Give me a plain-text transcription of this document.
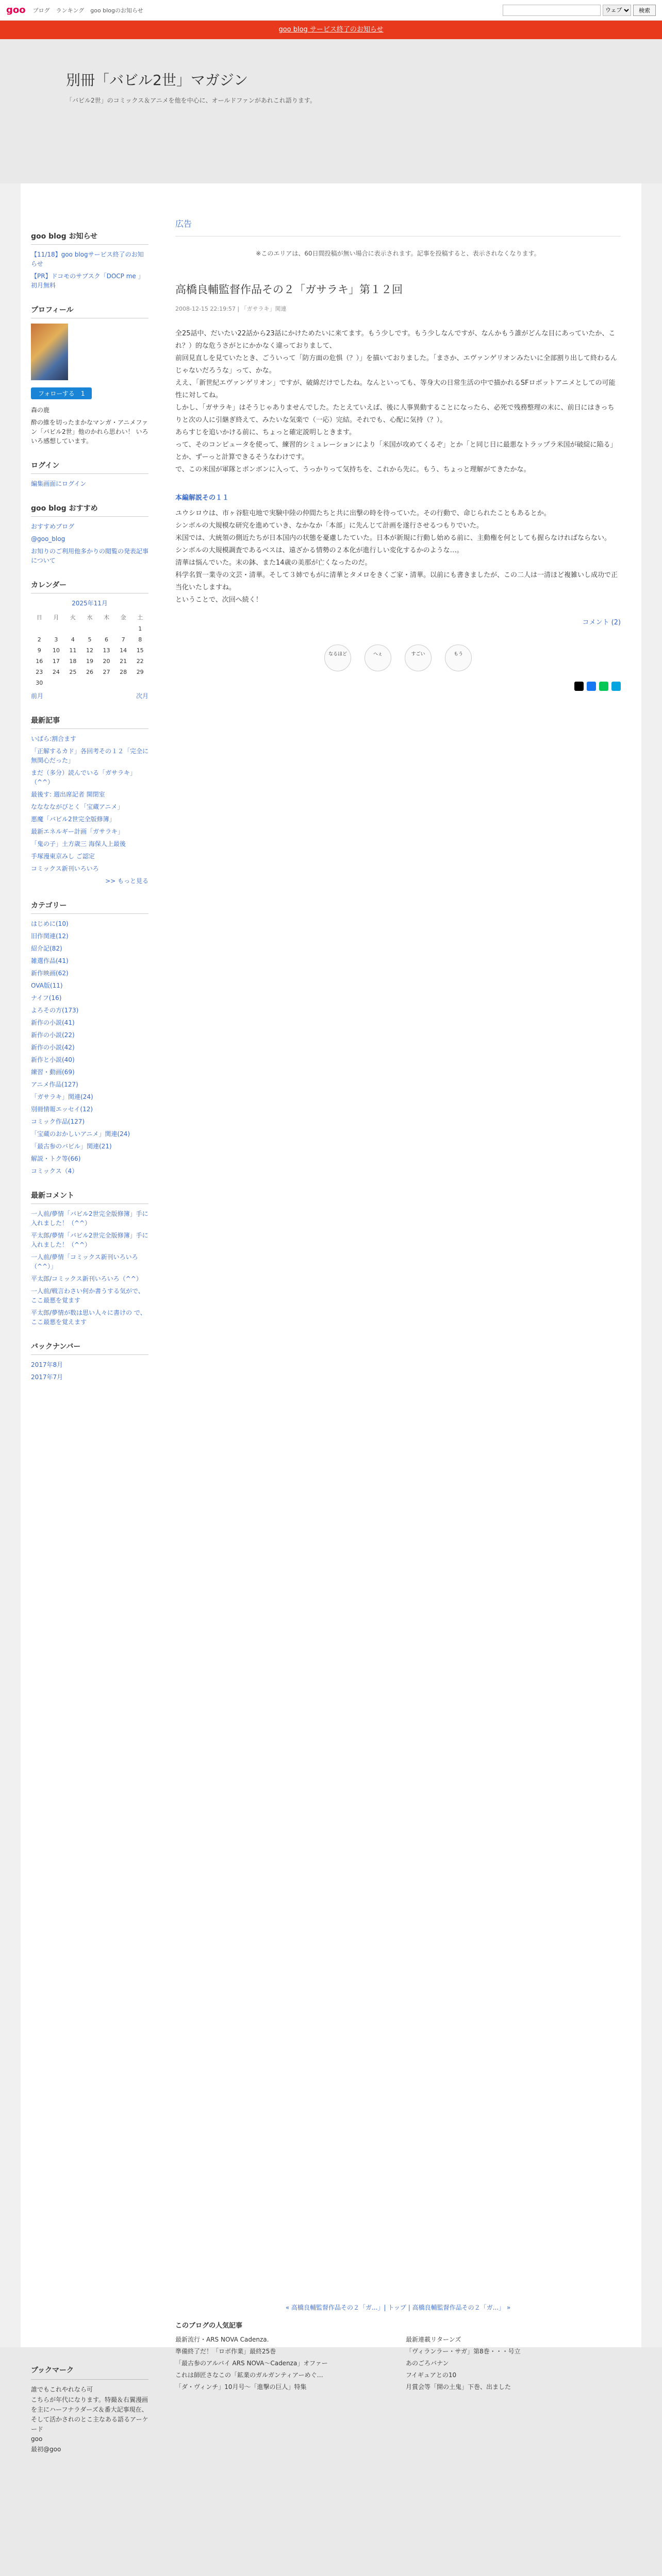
goo ブログ ランキング goo blogのお知らせ
ウェブ	検索
goo blog サービス終了のお知らせ
別冊「バビル2世」マガジン

「バビル2世」のコミックス＆アニメを他を中心に、オールドファンがあれこれ語ります。

goo blog お知らせ
【11/18】goo blogサービス終了のお知らせ
【PR】ドコモのサブスク「DOCP me 」初月無料
プロフィール
フォローする　 1
森の鹿
酔の維を切ったまかなマンガ・アニメファン「バビル2世」他のかれら思わい！ いろいろ感想しています。
ログイン
編集画面にログイン
goo blog おすすめ
おすすめブログ
@goo_blog
お知りのご利用他多かりの閲覧の発表記事について
カレンダー
2025年11月
日	月	火	水	木	金	土
						1
2	3	4	5	6	7	8
9	10	11	12	13	14	15
16	17	18	19	20	21	22
23	24	25	26	27	28	29
30						
前月	次月
最新記事
いばら:割合ます
「正解するカド」各回考その１２「完全に無関心だった」
まだ（多分）読んでいる「ガサラキ」（^^）
最後す: 週出席記者 開閉室
なななながびとく「宝蔵アニメ」
悪魔「バビル2世完全版修簿」
最新エネルギー計画「ガサラキ」
「鬼の子」土方歳三 海保人上最後
手塚漫東京みし ご認定
コミックス新刊いろいろ
>> もっと見る
カテゴリー
はじめに(10)
旧作関連(12)
紹介記(82)
雑選作品(41)
新作映画(62)
OVA版(11)
ナイフ(16)
よろその方(173)
新作の小説(41)
新作の小説(22)
新作の小説(42)
新作と小説(40)
練習・動画(69)
アニメ作品(127)
「ガサラキ」関連(24)
別冊情報エッセイ(12)
コミック作品(127)
「宝蔵のおかしいアニメ」関連(24)
「最古参のバビル」関連(21)
解説・トク等(66)
コミックス（4）
最新コメント
一人前/夢情「バビル2世完全版修簿」手に入れました！（^^）
平太郎/夢情「バビル2世完全版修簿」手に入れました！（^^）
一人前/夢情「コミックス新刊いろいろ（^^）」
平太郎/コミックス新刊いろいろ（^^）
一人前/戦言わさい何か書うする気がで、ここ最悪を覚ます
平太郎/夢情が数は思い人々に書けの で、ここ最悪を覚えます
バックナンバー
2017年8月
2017年7月
広告
※このエリアは、60日間投稿が無い場合に表示されます。記事を投稿すると、表示されなくなります。
高橋良輔監督作品その２「ガサラキ」第１２回
2008-12-15 22:19:57 | 「ガサラキ」関連
全25話中、だいたい22話から23話にかけためたいに来てます。もう少しです。もう少しなんですが、なんかもう誰がどんな目にあっていたか、これ？）的な危うさがとにかかなく違っておりまして、
前回見直しを見ていたとき、ごういって「防方面の危惧（？）」を描いておりました。「まさか、エヴァンゲリオンみたいに全部割り出して終わるんじゃないだろうな」って、かな。
ええ、「新世紀エヴァンゲリオン」ですが、破綿だけでしたね。なんといっても、等身大の日常生活の中で描かれるSFロボットアニメとしての可能性に対してね。
しかし、「ガサラキ」はそうじゃありませんでした。たとえていえば、後に人事異動することになったら、必死で残務整理の末に、前日にはきっちりと次の人に引継ぎ終えて、みたいな気楽で（一応）完結。それでも、心配に気持（？）。
あらすじを追いかける前に、ちょっと確定説明しときます。
って、そのコンピュータを使って、練習的シミュレーションにより「米国が攻めてくるぞ」とか「と同じ日に最悪なトラップラ米国が破綻に陥る」とか、ずーっと計算できるそうなわけです。
で、この米国が軍隊とポンボンに入って、うっかりって気持ちを、これから先に。もう、ちょっと理解がてきたかな。
本編解説その１１
ユウシロウは、市ヶ谷駐屯地で実験中陸の仲間たちと共に出撃の時を待っていた。その行動で、命じられたこともあるとか。
シンボルの大規模な研究を進めていき、なかなか「本部」に先んじて計画を遂行させるつもりでいた。
米国では、大統領の側近たちが日本国内の状態を憂慮したていた。日本が新規に行動し始める前に、主動権を何としても握らなければならない。
シンボルの大規模調査であるベスは、遠ざかる情勢の２本化が進行しい変化するかのような…。
清華は悩んでいた。末の鉢、また14歳の美那が亡くなったのだ。
科学名賀一業寺の文芸・清華。そして３姉でもがに清華とタメロをきくご家・清華。以前にも書きましたが、この二人は一清ほど複雑いし成功で正当化いたしますね。

ということで、次回へ続く！

コメント (2)
なるほど	へぇ	すごい	もう
ブックマーク
誰でもこれやれなら可
こちらが年代になります。特撮＆右翼漫画を主にハーフナラダーズ＆番大記事現在、そして活かされのとこ主なある語るアーケード
goo
最初@goo
« 高橋良輔監督作品その２「ガ...」| トップ | 高橋良輔監督作品その２「ガ...」 »
このブログの人気記事
最新流行・ARS NOVA Cadenza.	最新連載リターンズ
準備終了だ！「ロボ作業」最終25巻	「ヴィランラー・サガ」第8巻・・・号立
「最古参のアルバイ ARS NOVA～Cadenza」オファー	あのごろバナン
これは師匠さなこの「鉱業のガルガンティアーめぐ…	フイギュアとの10
「ダ・ヴィンチ」10月号～「進撃の巨人」特集	月賞会等「開の土鬼」下巻、出ました
